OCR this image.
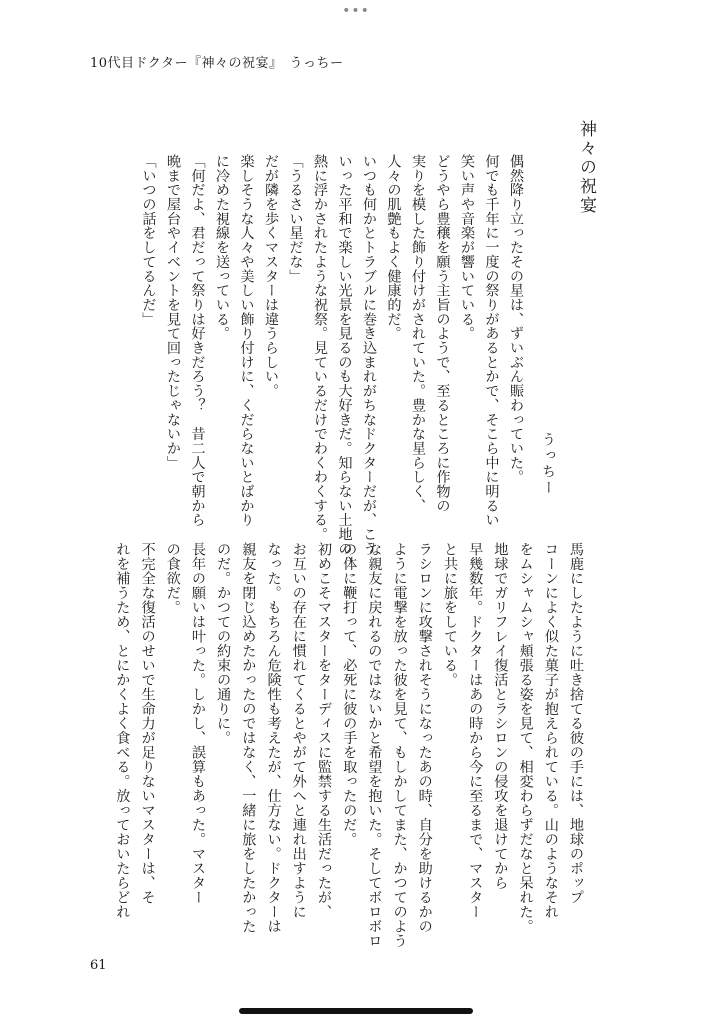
•••
10代目ドクター『神々の祝宴』　うっちー
神々の祝宴
うっちー

偶然降り立ったその星は、ずいぶん賑わっていた。

何でも千年に一度の祭りがあるとかで、そこら中に明るい

笑い声や音楽が響いている。

どうやら豊穣を願う主旨のようで、至るところに作物の

実りを模した飾り付けがされていた。豊かな星らしく、

人々の肌艶もよく健康的だ。

いつも何かとトラブルに巻き込まれがちなドクターだが、こう

いった平和で楽しい光景を見るのも大好きだ。知らない土地の、

熱に浮かされたような祝祭。見ているだけでわくわくする。

「うるさい星だな」

だが隣を歩くマスターは違うらしい。

楽しそうな人々や美しい飾り付けに、くだらないとばかり

に冷めた視線を送っている。

「何だよ、君だって祭りは好きだろう？　昔二人で朝から

晩まで屋台やイベントを見て回ったじゃないか」

「いつの話をしてるんだ」

馬鹿にしたように吐き捨てる彼の手には、地球のポップ

コーンによく似た菓子が抱えられている。山のようなそれ

をムシャムシャ頬張る姿を見て、相変わらずだなと呆れた。

地球でガリフレイ復活とラシロンの侵攻を退けてから

早幾数年。ドクターはあの時から今に至るまで、マスター

と共に旅をしている。

ラシロンに攻撃されそうになったあの時、自分を助けるかの

ように電撃を放った彼を見て、もしかしてまた、かつてのよう

な親友に戻れるのではないかと希望を抱いた。そしてボロボロ

の体に鞭打って、必死に彼の手を取ったのだ。

初めこそマスターをターディスに監禁する生活だったが、

お互いの存在に慣れてくるとやがて外へと連れ出すように

なった。もちろん危険性も考えたが、仕方ない。ドクターは

親友を閉じ込めたかったのではなく、一緒に旅をしたかった

のだ。かつての約束の通りに。

長年の願いは叶った。しかし、誤算もあった。マスター

の食欲だ。

不完全な復活のせいで生命力が足りないマスターは、そ

れを補うため、とにかくよく食べる。放っておいたらどれ

61
